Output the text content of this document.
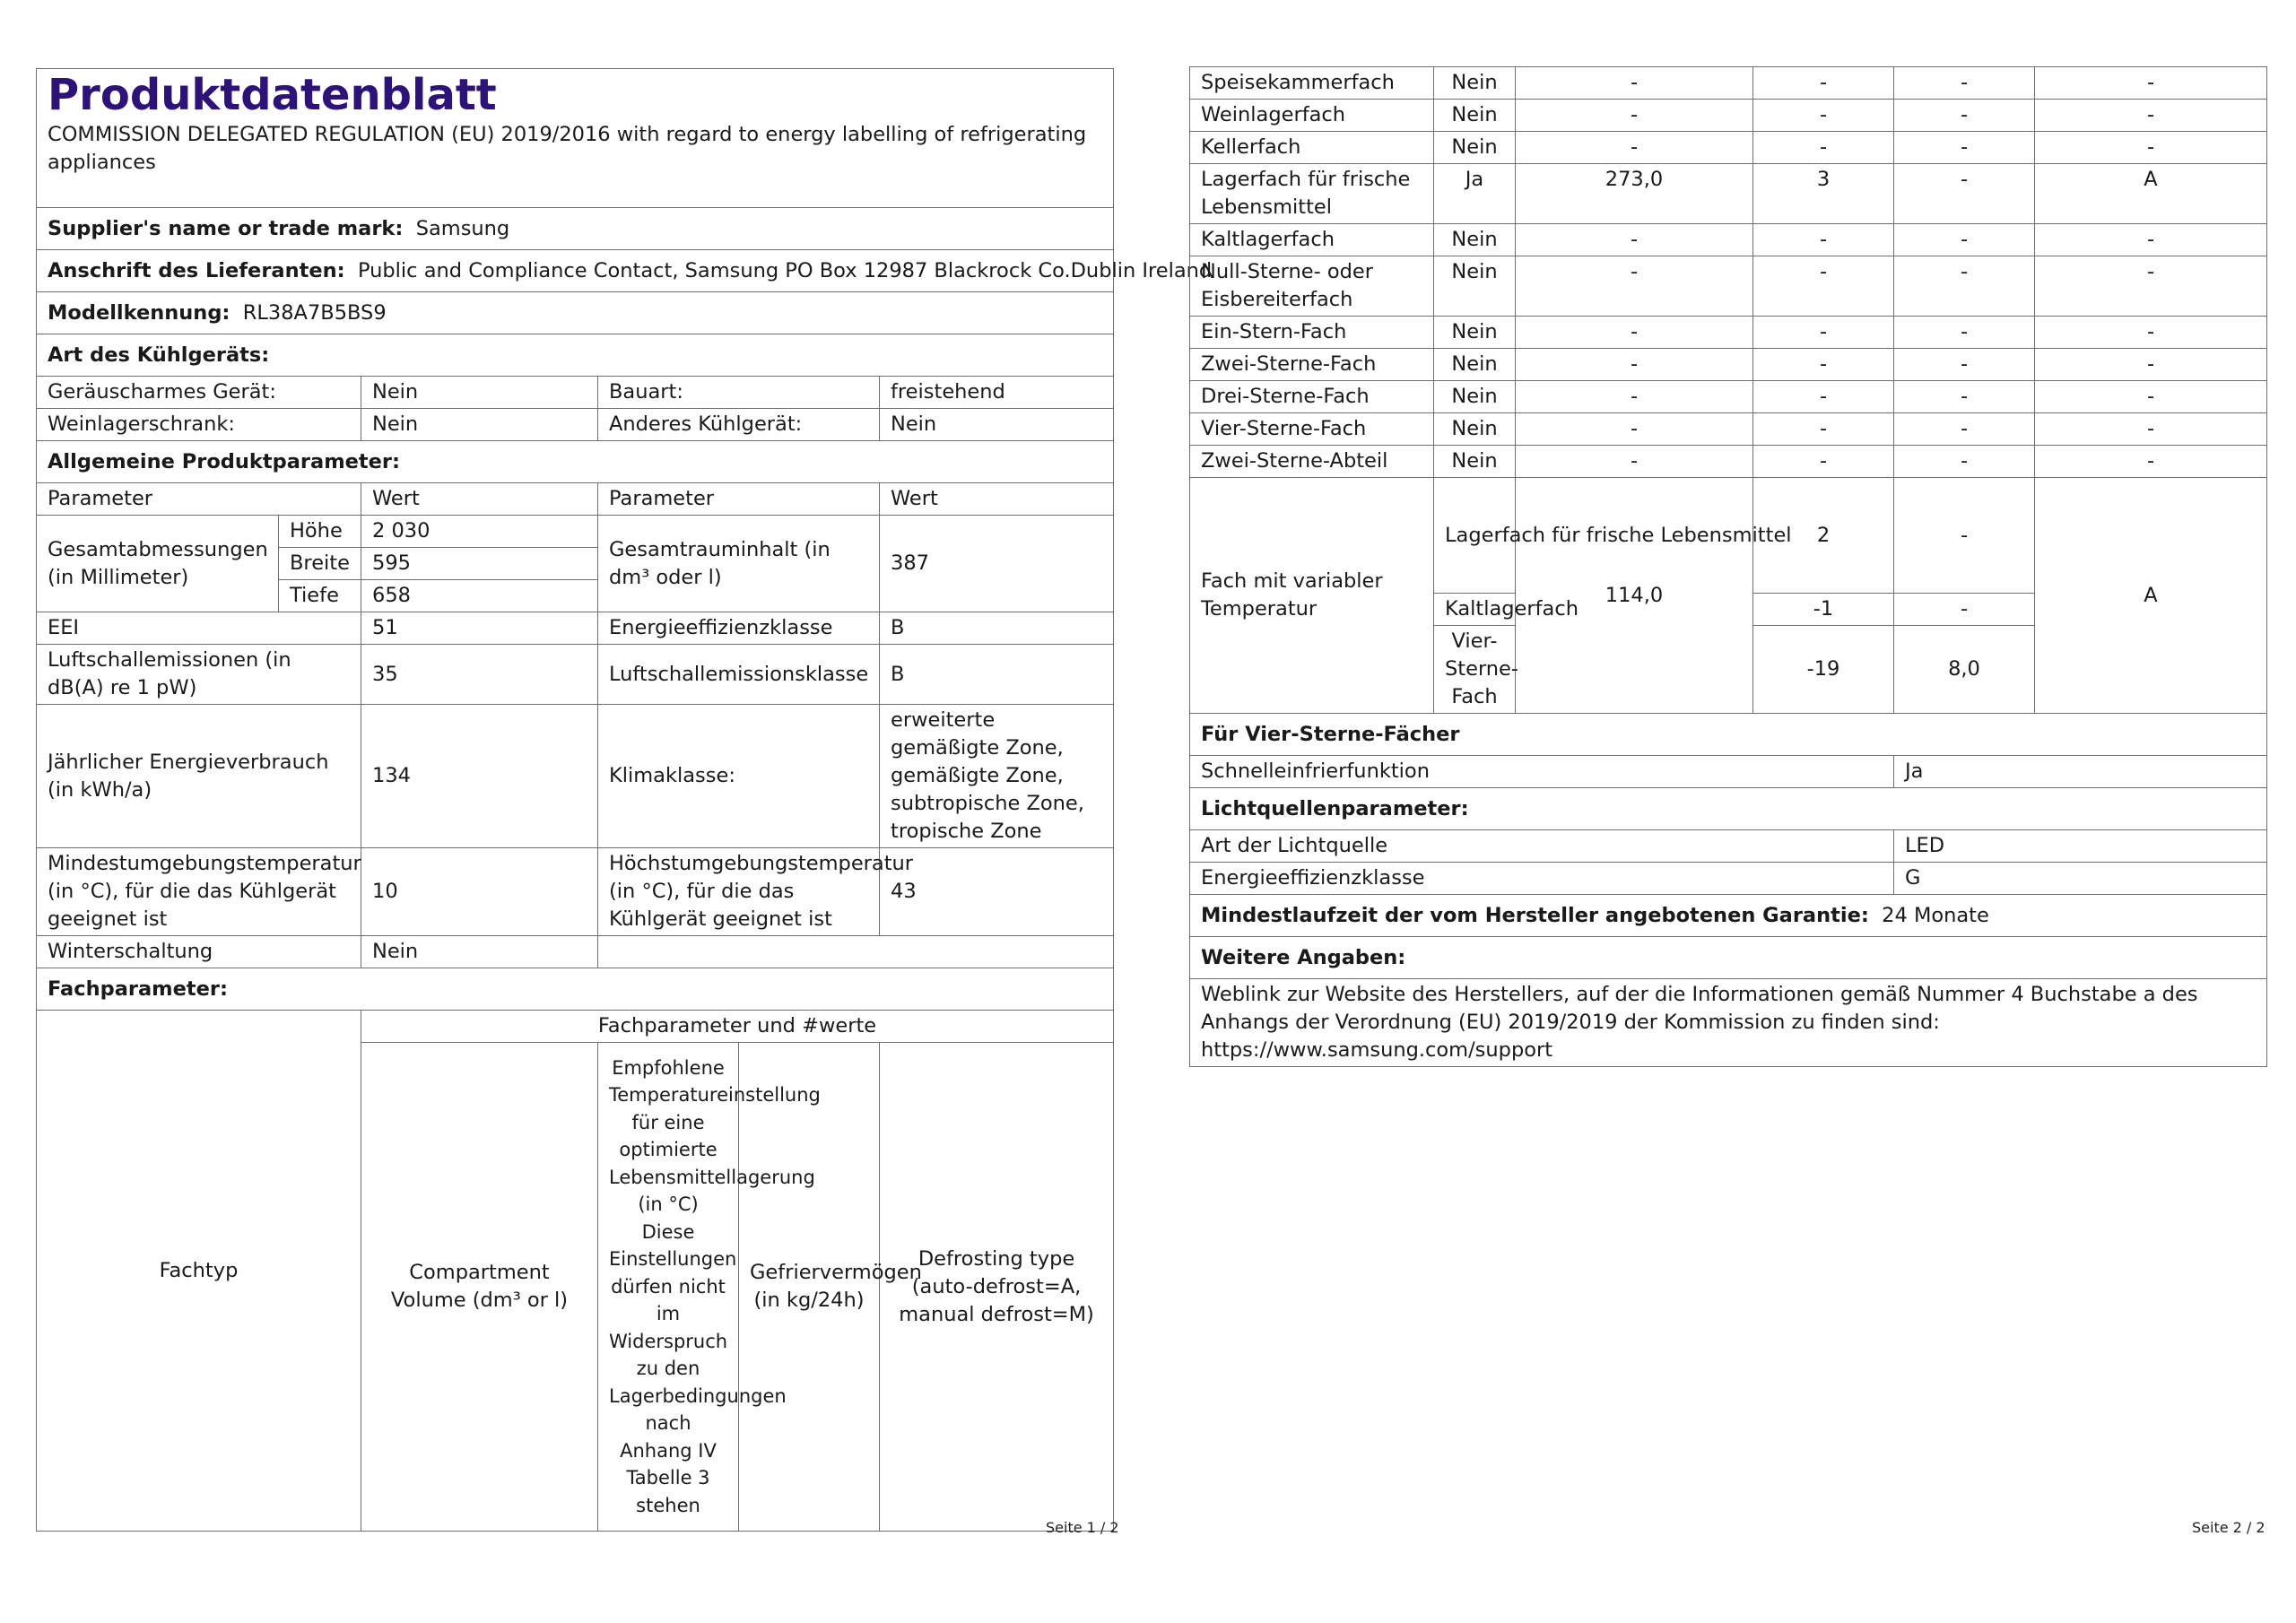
Produktdatenblatt
COMMISSION DELEGATED REGULATION (EU) 2019/2016 with regard to energy labelling of refrigerating appliances					

Supplier's name or trade mark: Samsung					
Anschrift des Lieferanten: Public and Compliance Contact, Samsung PO Box 12987 Blackrock Co.Dublin Ireland					
Modellkennung: RL38A7B5BS9					
Art des Kühlgeräts:					
Geräuscharmes Gerät:		Nein	Bauart:		freistehend
Weinlagerschrank:		Nein	Anderes Kühlgerät:		Nein
Allgemeine Produktparameter:					
Parameter		Wert	Parameter		Wert
Gesamtabmessungen (in Millimeter)	Höhe	2 030	Gesamtrauminhalt (in dm³ oder l)		387
	Breite	595			
	Tiefe	658			
EEI		51	Energieeffizienzklasse		B
Luftschallemissionen (in dB(A) re 1 pW)		35	Luftschallemissionsklasse		B
Jährlicher Energieverbrauch (in kWh/a)		134	Klimaklasse:		erweiterte gemäßigte Zone, gemäßigte Zone, subtropische Zone, tropische Zone
Mindestumgebungstemperatur (in °C), für die das Kühlgerät geeignet ist		10	Höchstumgebungstemperatur (in °C), für die das Kühlgerät geeignet ist		43
Winterschaltung		Nein			
Fachparameter:					
Fachtyp		Fachparameter und #werte			
		Compartment Volume (dm³ or l)	Empfohlene Temperatureinstellung für eine optimierte Lebensmittellagerung (in °C) Diese Einstellungen dürfen nicht im Widerspruch zu den Lagerbedingungen nach Anhang IV Tabelle 3 stehen	Gefriervermögen (in kg/24h)	Defrosting type (auto-defrost=A, manual defrost=M)
Seite 1 / 2
Speisekammerfach	Nein	-	-	-	-
Weinlagerfach	Nein	-	-	-	-
Kellerfach	Nein	-	-	-	-
Lagerfach für frische Lebensmittel	Ja	273,0	3	-	A
Kaltlagerfach	Nein	-	-	-	-
Null-Sterne- oder Eisbereiterfach	Nein	-	-	-	-
Ein-Stern-Fach	Nein	-	-	-	-
Zwei-Sterne-Fach	Nein	-	-	-	-
Drei-Sterne-Fach	Nein	-	-	-	-
Vier-Sterne-Fach	Nein	-	-	-	-
Zwei-Sterne-Abteil	Nein	-	-	-	-
Fach mit variabler Temperatur	Lagerfach für frische Lebensmittel	114,0	2	-	A
	Kaltlagerfach		-1	-	
	Vier-Sterne-Fach		-19	8,0	
Für Vier-Sterne-Fächer					
Schnelleinfrierfunktion				Ja	
Lichtquellenparameter:					
Art der Lichtquelle				LED	
Energieeffizienzklasse				G	
Mindestlaufzeit der vom Hersteller angebotenen Garantie: 24 Monate					
Weitere Angaben:					
Weblink zur Website des Herstellers, auf der die Informationen gemäß Nummer 4 Buchstabe a des Anhangs der Verordnung (EU) 2019/2019 der Kommission zu finden sind:  https://www.samsung.com/support					
Seite 2 / 2
